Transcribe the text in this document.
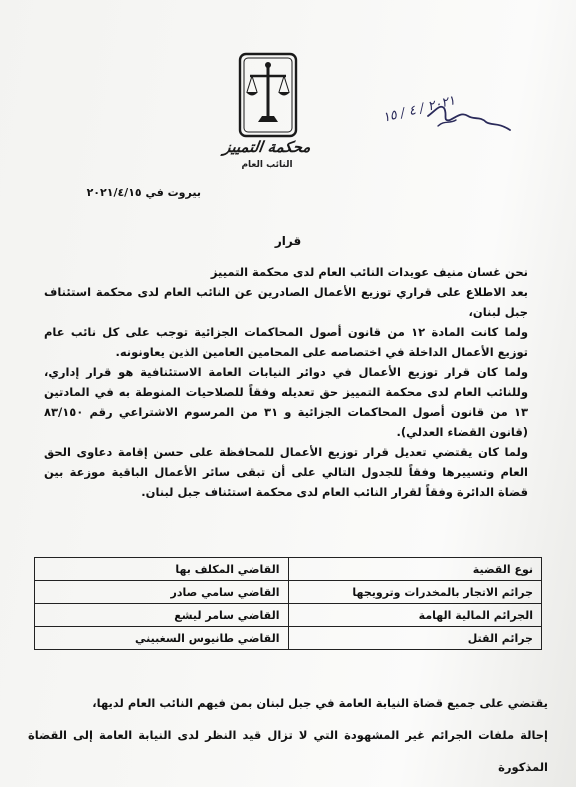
محكمة التمييز
النائب العام
٢٠٢١ / ٤ / ١٥
بيروت في ٢٠٢١/٤/١٥
قرار

نحن غسان منيف عويدات النائب العام لدى محكمة التمييز

بعد الاطلاع على قراري توزيع الأعمال الصادرين عن النائب العام لدى محكمة استئناف جبل لبنان،

ولما كانت المادة ١٢ من قانون أصول المحاكمات الجزائية توجب على كل نائب عام توزيع الأعمال الداخلة في اختصاصه على المحامين العامين الذين يعاونونه.

ولما كان قرار توزيع الأعمال في دوائر النيابات العامة الاستئنافية هو قرار إداري، وللنائب العام لدى محكمة التمييز حق تعديله وفقاً للصلاحيات المنوطة به في المادتين ١٣ من قانون أصول المحاكمات الجزائية و ٣١ من المرسوم الاشتراعي رقم ٨٣/١٥٠ (قانون القضاء العدلي).

ولما كان يقتضي تعديل قرار توزيع الأعمال للمحافظة على حسن إقامة دعاوى الحق العام وتسييرها وفقاً للجدول التالي على أن تبقى سائر الأعمال الباقية موزعة بين قضاة الدائرة وفقاً لقرار النائب العام لدى محكمة استئناف جبل لبنان.

نوع القضية	القاضي المكلف بها
جرائم الاتجار بالمخدرات وترويجها	القاضي سامي صادر
الجرائم المالية الهامة	القاضي سامر ليشع
جرائم القتل	القاضي طانيوس السغبيني

يقتضي على جميع قضاة النيابة العامة في جبل لبنان بمن فيهم النائب العام لديها،

إحالة ملفات الجرائم غير المشهودة التي لا تزال قيد النظر لدى النيابة العامة إلى القضاة المذكورة
